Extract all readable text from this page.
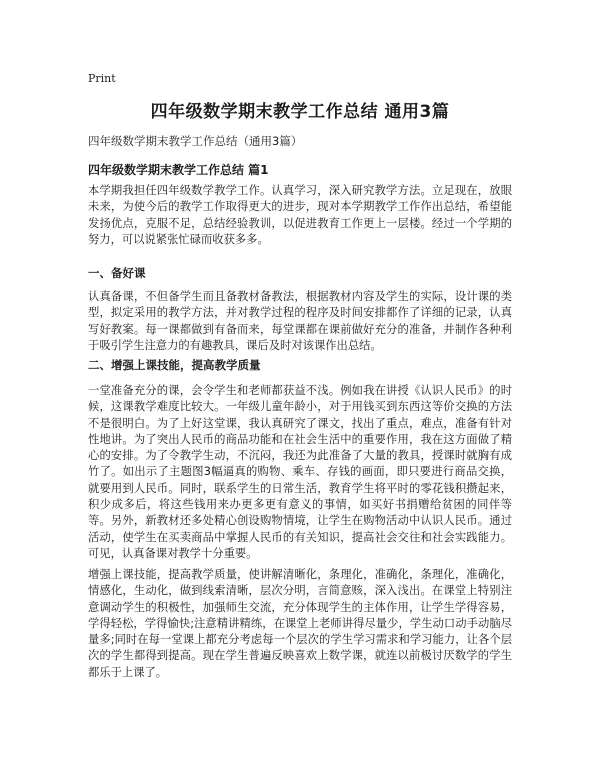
Print
四年级数学期末教学工作总结 通用3篇
四年级数学期末教学工作总结（通用3篇）
四年级数学期末教学工作总结 篇1

本学期我担任四年级数学教学工作。认真学习，深入研究教学方法。立足现在，放眼未来，为使今后的教学工作取得更大的进步，现对本学期教学工作作出总结，希望能发扬优点，克服不足，总结经验教训，以促进教育工作更上一层楼。经过一个学期的努力，可以说紧张忙碌而收获多多。

一、备好课

认真备课，不但备学生而且备教材备教法，根据教材内容及学生的实际，设计课的类型，拟定采用的教学方法，并对教学过程的程序及时间安排都作了详细的记录，认真写好教案。每一课都做到有备而来，每堂课都在课前做好充分的准备，并制作各种利于吸引学生注意力的有趣教具，课后及时对该课作出总结。

二、增强上课技能，提高教学质量

一堂准备充分的课，会令学生和老师都获益不浅。例如我在讲授《认识人民币》的时候，这课教学难度比较大。一年级儿童年龄小，对于用钱买到东西这等价交换的方法不是很明白。为了上好这堂课，我认真研究了课文，找出了重点，难点，准备有针对性地讲。为了突出人民币的商品功能和在社会生活中的重要作用，我在这方面做了精心的安排。为了令教学生动，不沉闷，我还为此准备了大量的教具，授课时就胸有成竹了。如出示了主题图3幅逼真的购物、乘车、存钱的画面，即只要进行商品交换，就要用到人民币。同时，联系学生的日常生活，教育学生将平时的零花钱积攒起来，积少成多后，将这些钱用来办更多更有意义的事情，如买好书捐赠给贫困的同伴等等。另外，新教材还多处精心创设购物情境，让学生在购物活动中认识人民币。通过活动，使学生在买卖商品中掌握人民币的有关知识，提高社会交往和社会实践能力。可见，认真备课对教学十分重要。

增强上课技能，提高教学质量，使讲解清晰化，条理化，准确化，条理化，准确化，情感化，生动化，做到线索清晰，层次分明，言简意赅，深入浅出。在课堂上特别注意调动学生的积极性，加强师生交流，充分体现学生的主体作用，让学生学得容易，学得轻松，学得愉快;注意精讲精练，在课堂上老师讲得尽量少，学生动口动手动脑尽量多;同时在每一堂课上都充分考虑每一个层次的学生学习需求和学习能力，让各个层次的学生都得到提高。现在学生普遍反映喜欢上数学课，就连以前极讨厌数学的学生都乐于上课了。
